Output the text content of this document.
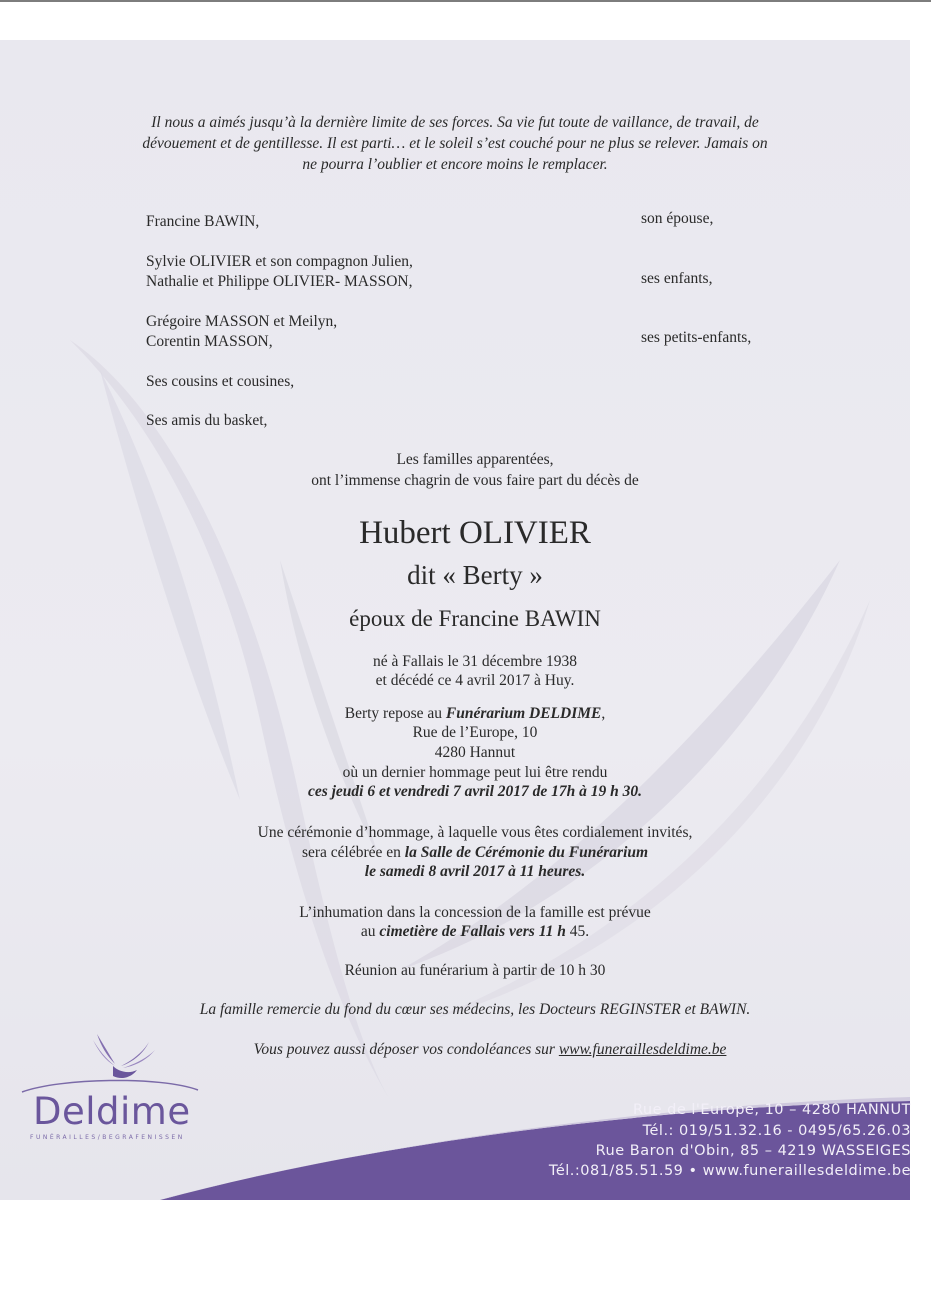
Il nous a aimés jusqu’à la dernière limite de ses forces. Sa vie fut toute de vaillance, de travail, de
dévouement et de gentillesse. Il est parti… et le soleil s’est couché pour ne plus se relever. Jamais on
ne pourra l’oublier et encore moins le remplacer.
Francine BAWIN,	son épouse,
Sylvie OLIVIER et son compagnon Julien,
Nathalie et Philippe OLIVIER- MASSON,	ses enfants,
Grégoire MASSON et Meilyn,
Corentin MASSON,	ses petits-enfants,
Ses cousins et cousines,
Ses amis du basket,
Les familles apparentées,
ont l’immense chagrin de vous faire part du décès de
Hubert OLIVIER
dit « Berty »
époux de Francine BAWIN
né à Fallais le 31 décembre 1938
et décédé ce 4 avril 2017 à Huy.
Berty repose au Funérarium DELDIME,
Rue de l’Europe, 10
4280 Hannut
où un dernier hommage peut lui être rendu
ces jeudi 6 et vendredi 7 avril 2017 de 17h à 19 h 30.
Une cérémonie d’hommage, à laquelle vous êtes cordialement invités,
sera célébrée en la Salle de Cérémonie du Funérarium
le samedi 8 avril 2017 à 11 heures.
L’inhumation dans la concession de la famille est prévue
au cimetière de Fallais vers 11 h 45.
Réunion au funérarium à partir de 10 h 30
La famille remercie du fond du cœur ses médecins, les Docteurs REGINSTER et BAWIN.
Vous pouvez aussi déposer vos condoléances sur www.funeraillesdeldime.be
Deldime
FUNÉRAILLES/BEGRAFENISSEN
Rue de l'Europe, 10 – 4280 HANNUT
Tél.: 019/51.32.16 - 0495/65.26.03
Rue Baron d'Obin, 85 – 4219 WASSEIGES
Tél.:081/85.51.59 • www.funeraillesdeldime.be
